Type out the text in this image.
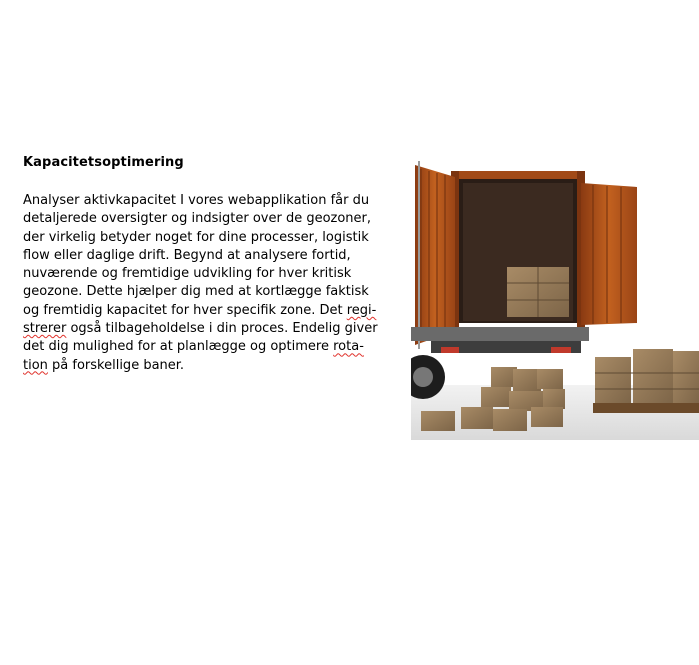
Kapacitetsoptimering
Analyser aktivkapacitet I vores webapplikation får du
detaljerede oversigter og indsigter over de geozoner,
der virkelig betyder noget for dine processer, logistik
flow eller daglige drift. Begynd at analysere fortid,
nuværende og fremtidige udvikling for hver kritisk
geozone. Dette hjælper dig med at kortlægge faktisk
og fremtidig kapacitet for hver specifik zone. Det regi-
strerer også tilbageholdelse i din proces. Endelig giver
det dig mulighed for at planlægge og optimere rota-
tion på forskellige baner.
